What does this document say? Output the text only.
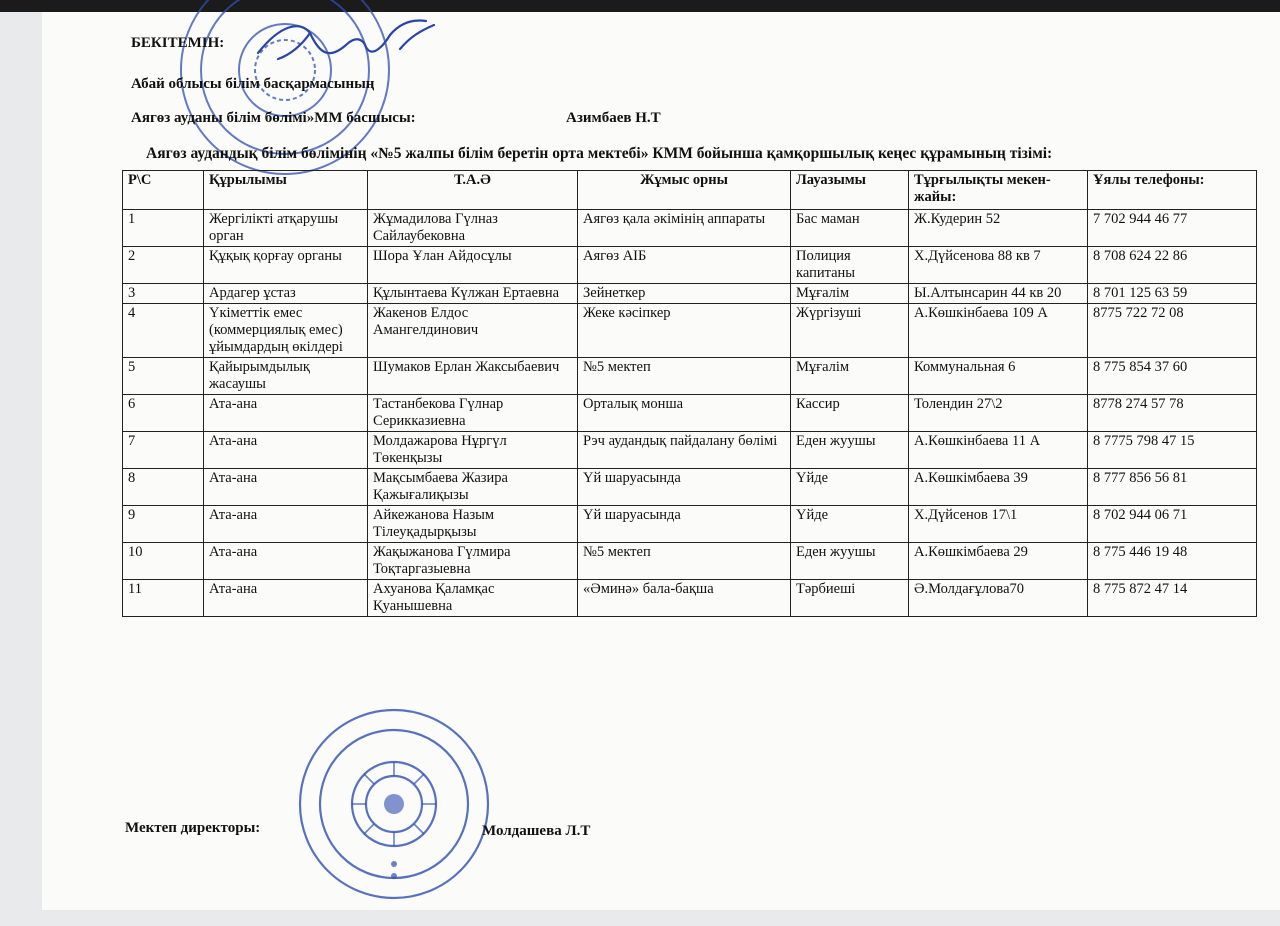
БЕКІТЕМІН:
Абай облысы білім басқармасының
Аягөз ауданы білім бөлімі»ММ басшысы:	Азимбаев Н.Т
Аягөз аудандық білім бөлімінің «№5 жалпы білім беретін орта мектебі» КММ бойынша қамқоршылық кеңес құрамының тізімі:
Р\С	Құрылымы	Т.А.Ә	Жұмыс орны	Лауазымы	Тұрғылықты мекен-жайы:	Ұялы телефоны:
1	Жергілікті атқарушы орган	Жұмадилова Гүлназ Сайлаубековна	Аягөз қала әкімінің аппараты	Бас маман	Ж.Кудерин 52	7 702 944 46 77
2	Құқық қорғау органы	Шора Ұлан Айдосұлы	Аягөз АІБ	Полиция капитаны	Х.Дүйсенова 88 кв 7	8 708 624 22 86
3	Ардагер ұстаз	Құлынтаева Күлжан Ертаевна	Зейнеткер	Мұғалім	Ы.Алтынсарин 44 кв 20	8 701 125 63 59
4	Үкіметтік емес (коммерциялық емес) ұйымдардың өкілдері	Жакенов Елдос Амангелдинович	Жеке кәсіпкер	Жүргізуші	А.Көшкінбаева 109 А	8775 722 72 08
5	Қайырымдылық жасаушы	Шумаков Ерлан Жаксыбаевич	№5 мектеп	Мұғалім	Коммунальная 6	8 775 854 37 60
6	Ата-ана	Тастанбекова Гүлнар Серикказиевна	Орталық монша	Кассир	Толендин 27\2	8778 274 57 78
7	Ата-ана	Молдажарова Нұргүл Төкенқызы	Рэч аудандық пайдалану бөлімі	Еден жуушы	А.Көшкінбаева 11 А	8 7775 798 47 15
8	Ата-ана	Мақсымбаева Жазира Қажығалиқызы	Үй шаруасында	Үйде	А.Көшкімбаева 39	8 777 856 56 81
9	Ата-ана	Айкежанова Назым Тілеуқадырқызы	Үй шаруасында	Үйде	Х.Дүйсенов 17\1	8 702 944 06 71
10	Ата-ана	Жақыжанова Гүлмира Тоқтаргазыевна	№5 мектеп	Еден жуушы	А.Көшкімбаева 29	8 775 446 19 48
11	Ата-ана	Ахуанова Қаламқас Қуанышевна	«Әминә» бала-бақша	Тәрбиеші	Ә.Молдағұлова70	8 775 872 47 14
Мектеп директоры:	Молдашева Л.Т
